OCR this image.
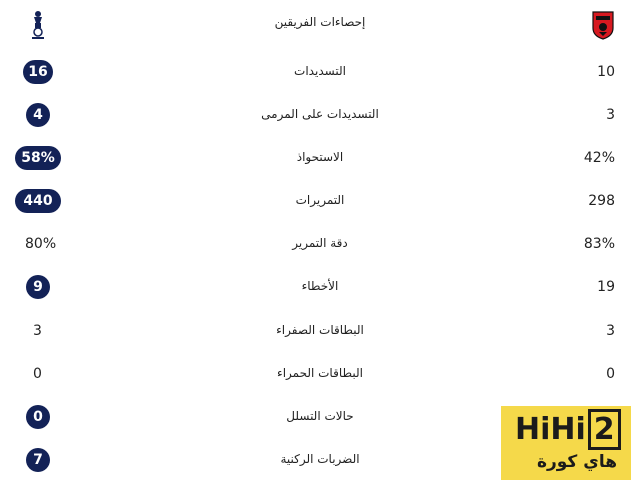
إحصاءات الفريقين
16	التسديدات	10
4	التسديدات على المرمى	3
58%	الاستحواذ	42%
440	التمريرات	298
80%	دقة التمرير	83%
9	الأخطاء	19
3	البطاقات الصفراء	3
0	البطاقات الحمراء	0
0	حالات التسلل
7	الضربات الركنية
HiHi 2
هاي كورة
